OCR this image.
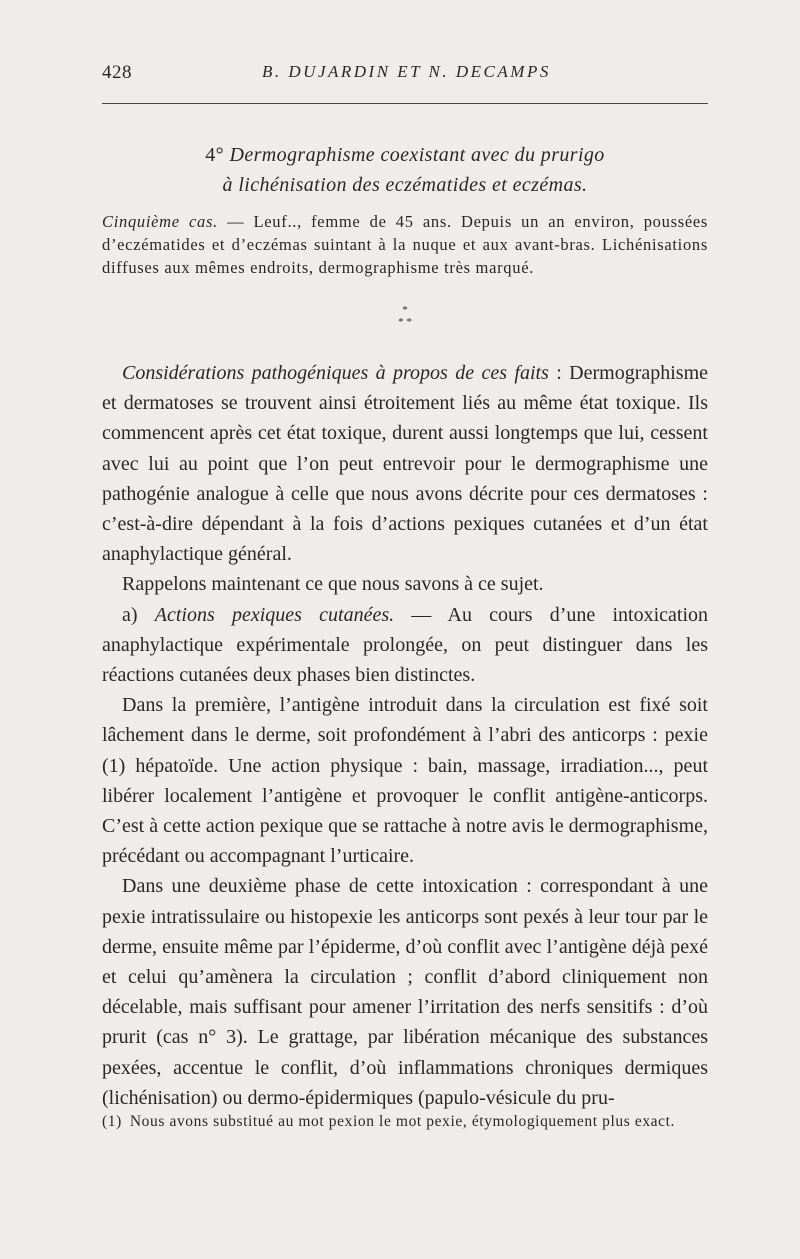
428	B. DUJARDIN ET N. DECAMPS
4° Dermographisme coexistant avec du prurigo
à lichénisation des eczématides et eczémas.
Cinquième cas. — Leuf.., femme de 45 ans. Depuis un an environ, poussées d’eczématides et d’eczémas suintant à la nuque et aux avant-bras. Lichénisations diffuses aux mêmes endroits, dermographisme très marqué.
*
* *

Considérations pathogéniques à propos de ces faits : Dermographisme et dermatoses se trouvent ainsi étroitement liés au même état toxique. Ils commencent après cet état toxique, durent aussi longtemps que lui, cessent avec lui au point que l’on peut entrevoir pour le dermographisme une pathogénie analogue à celle que nous avons décrite pour ces dermatoses : c’est-à-dire dépendant à la fois d’actions pexiques cutanées et d’un état anaphylactique général.

Rappelons maintenant ce que nous savons à ce sujet.

a) Actions pexiques cutanées. — Au cours d’une intoxication anaphylactique expérimentale prolongée, on peut distinguer dans les réactions cutanées deux phases bien distinctes.

Dans la première, l’antigène introduit dans la circulation est fixé soit lâchement dans le derme, soit profondément à l’abri des anticorps : pexie (1) hépatoïde. Une action physique : bain, massage, irradiation..., peut libérer localement l’antigène et provoquer le conflit antigène-anticorps. C’est à cette action pexique que se rattache à notre avis le dermographisme, précédant ou accompagnant l’urticaire.

Dans une deuxième phase de cette intoxication : correspondant à une pexie intratissulaire ou histopexie les anticorps sont pexés à leur tour par le derme, ensuite même par l’épiderme, d’où conflit avec l’antigène déjà pexé et celui qu’amènera la circulation ; conflit d’abord cliniquement non décelable, mais suffisant pour amener l’irritation des nerfs sensitifs : d’où prurit (cas n° 3). Le grattage, par libération mécanique des substances pexées, accentue le conflit, d’où inflammations chroniques dermiques (lichénisation) ou dermo-épidermiques (papulo-vésicule du pru-

(1) Nous avons substitué au mot pexion le mot pexie, étymologiquement plus exact.
